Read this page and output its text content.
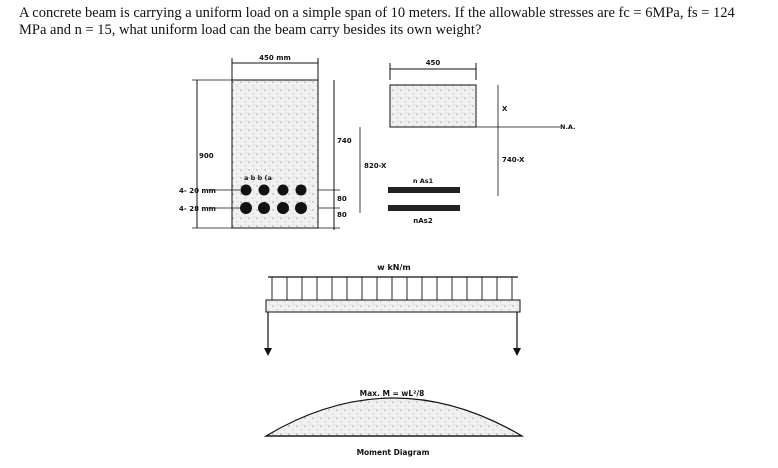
A concrete beam is carrying a uniform load on a simple span of 10 meters. If the allowable stresses are fc = 6MPa, fs = 124

MPa and n = 15, what uniform load can the beam carry besides its own weight?

450 mm
900
a b b (a
4- 20 mm
4- 28 mm
740
80
80
450
N.A.
X
740-X
820-X
n As1
nAs2
w kN/m
Max. M = wL²/8
Moment Diagram
